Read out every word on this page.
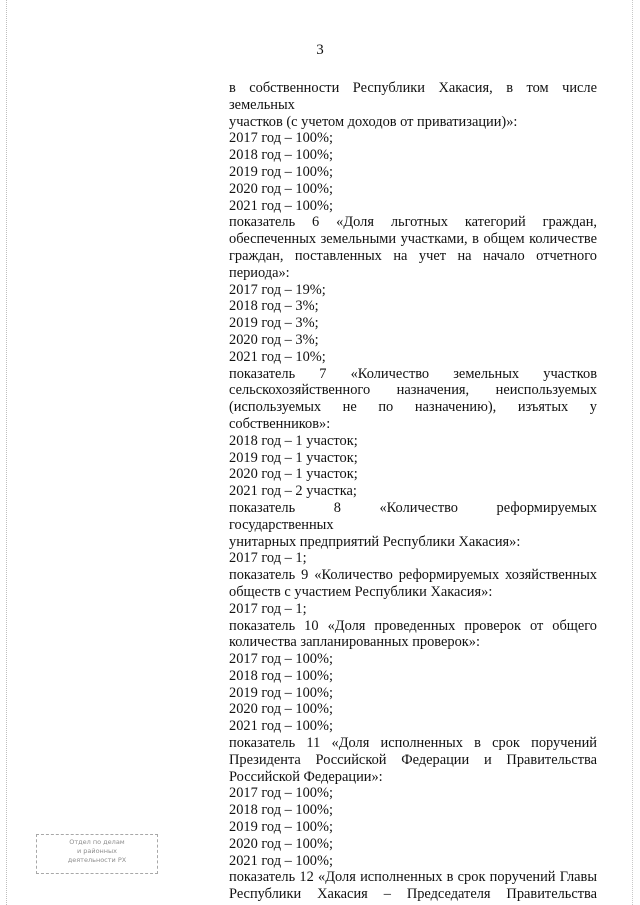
3
в собственности Республики Хакасия, в том числе земельных
участков (с учетом доходов от приватизации)»:
2017 год – 100%;
2018 год – 100%;
2019 год – 100%;
2020 год – 100%;
2021 год – 100%;
показатель 6 «Доля льготных категорий граждан,
обеспеченных земельными участками, в общем количестве
граждан, поставленных на учет на начало отчетного
периода»:
2017 год – 19%;
2018 год – 3%;
2019 год – 3%;
2020 год – 3%;
2021 год – 10%;
показатель 7 «Количество земельных участков
сельскохозяйственного назначения, неиспользуемых
(используемых не по назначению), изъятых у
собственников»:
2018 год – 1 участок;
2019 год – 1 участок;
2020 год – 1 участок;
2021 год – 2 участка;
показатель 8 «Количество реформируемых государственных
унитарных предприятий Республики Хакасия»:
2017 год – 1;
показатель 9 «Количество реформируемых хозяйственных
обществ с участием Республики Хакасия»:
2017 год – 1;
показатель 10 «Доля проведенных проверок от общего
количества запланированных проверок»:
2017 год – 100%;
2018 год – 100%;
2019 год – 100%;
2020 год – 100%;
2021 год – 100%;
показатель 11 «Доля исполненных в срок поручений
Президента Российской Федерации и Правительства
Российской Федерации»:
2017 год – 100%;
2018 год – 100%;
2019 год – 100%;
2020 год – 100%;
2021 год – 100%;
показатель 12 «Доля исполненных в срок поручений Главы
Республики Хакасия – Председателя Правительства
Отдел по делам
и районных
деятельности РХ
